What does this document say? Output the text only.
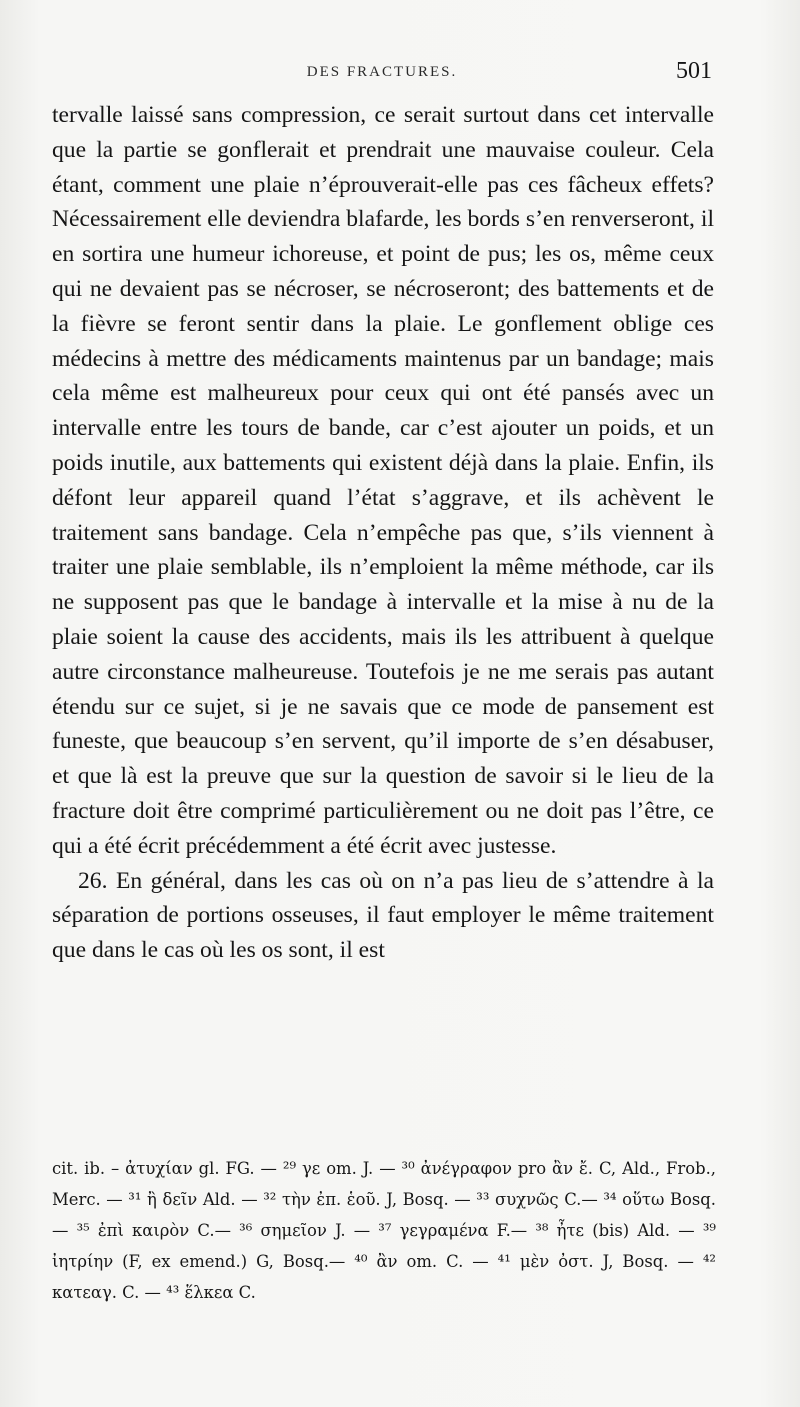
DES FRACTURES.	501

tervalle laissé sans compression, ce serait surtout dans cet intervalle que la partie se gonflerait et prendrait une mauvaise couleur. Cela étant, comment une plaie n’éprouverait-elle pas ces fâcheux effets? Nécessairement elle deviendra blafarde, les bords s’en renverseront, il en sortira une humeur ichoreuse, et point de pus; les os, même ceux qui ne devaient pas se nécroser, se nécroseront; des battements et de la fièvre se feront sentir dans la plaie. Le gonflement oblige ces médecins à mettre des médicaments maintenus par un bandage; mais cela même est malheureux pour ceux qui ont été pansés avec un intervalle entre les tours de bande, car c’est ajouter un poids, et un poids inutile, aux battements qui existent déjà dans la plaie. Enfin, ils défont leur appareil quand l’état s’aggrave, et ils achèvent le traitement sans bandage. Cela n’empêche pas que, s’ils viennent à traiter une plaie semblable, ils n’emploient la même méthode, car ils ne supposent pas que le bandage à intervalle et la mise à nu de la plaie soient la cause des accidents, mais ils les attribuent à quelque autre circonstance malheureuse. Toutefois je ne me serais pas autant étendu sur ce sujet, si je ne savais que ce mode de pansement est funeste, que beaucoup s’en servent, qu’il importe de s’en désabuser, et que là est la preuve que sur la question de savoir si le lieu de la fracture doit être comprimé particulièrement ou ne doit pas l’être, ce qui a été écrit précédemment a été écrit avec justesse.

26. En général, dans les cas où on n’a pas lieu de s’attendre à la séparation de portions osseuses, il faut employer le même traitement que dans le cas où les os sont, il est

cit. ib. – ἀτυχίαν gl. FG. — ²⁹ γε om. J. — ³⁰ ἀνέγραφον pro ἂν ἔ. C, Ald., Frob., Merc. — ³¹ ἢ δεῖν Ald. — ³² τὴν ἐπ. ἑοῦ. J, Bosq. — ³³ συχνῶς C.— ³⁴ οὕτω Bosq.— ³⁵ ἐπὶ καιρὸν C.— ³⁶ σημεῖον J. — ³⁷ γεγραμένα F.— ³⁸ ἦτε (bis) Ald. — ³⁹ ἰητρίην (F, ex emend.) G, Bosq.— ⁴⁰ ἂν om. C. — ⁴¹ μὲν ὀστ. J, Bosq. — ⁴² κατεαγ. C. — ⁴³ ἕλκεα C.
